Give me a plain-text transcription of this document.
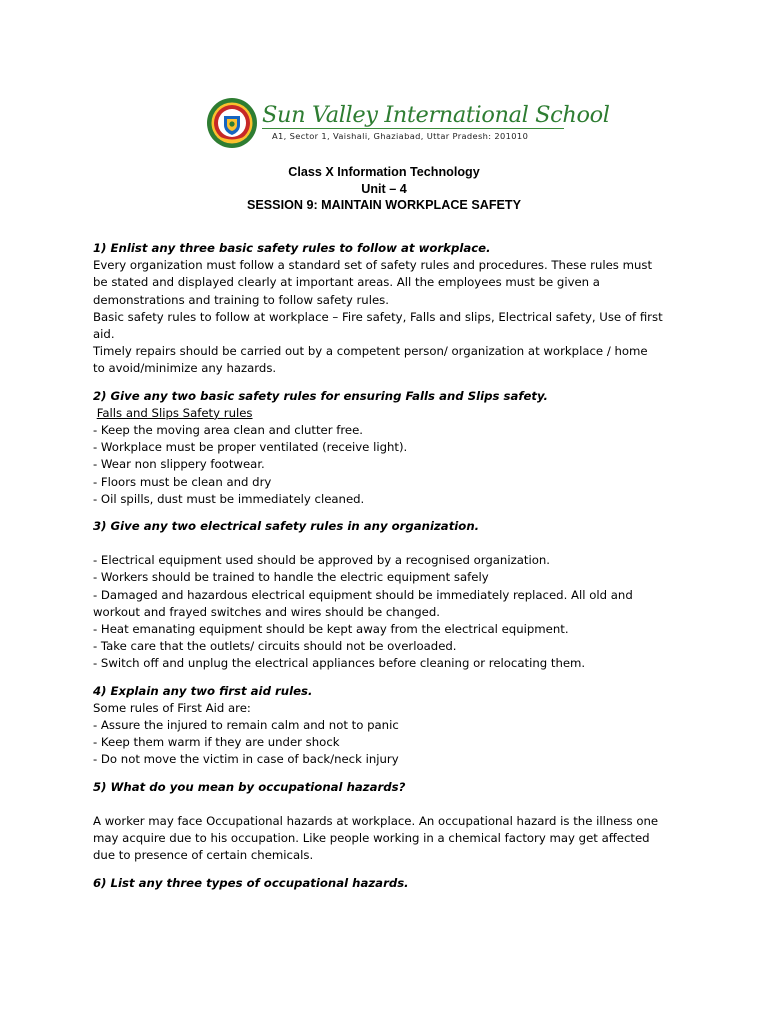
Sun Valley International School
A1, Sector 1, Vaishali, Ghaziabad, Uttar Pradesh: 201010
Class X Information Technology
Unit – 4
SESSION 9: MAINTAIN WORKPLACE SAFETY

1) Enlist any three basic safety rules to follow at workplace.

Every organization must follow a standard set of safety rules and procedures. These rules must

be stated and displayed clearly at important areas. All the employees must be given a

demonstrations and training to follow safety rules.

Basic safety rules to follow at workplace – Fire safety, Falls and slips, Electrical safety, Use of first

aid.

Timely repairs should be carried out by a competent person/ organization at workplace / home

to avoid/minimize any hazards.

2) Give any two basic safety rules for ensuring Falls and Slips safety.

Falls and Slips Safety rules

- Keep the moving area clean and clutter free.

- Workplace must be proper ventilated (receive light).

- Wear non slippery footwear.

- Floors must be clean and dry

- Oil spills, dust must be immediately cleaned.

3) Give any two electrical safety rules in any organization.

- Electrical equipment used should be approved by a recognised organization.

- Workers should be trained to handle the electric equipment safely

- Damaged and hazardous electrical equipment should be immediately replaced. All old and

workout and frayed switches and wires should be changed.

- Heat emanating equipment should be kept away from the electrical equipment.

- Take care that the outlets/ circuits should not be overloaded.

- Switch off and unplug the electrical appliances before cleaning or relocating them.

4) Explain any two first aid rules.

Some rules of First Aid are:

- Assure the injured to remain calm and not to panic

- Keep them warm if they are under shock

- Do not move the victim in case of back/neck injury

5) What do you mean by occupational hazards?

A worker may face Occupational hazards at workplace. An occupational hazard is the illness one

may acquire due to his occupation. Like people working in a chemical factory may get affected

due to presence of certain chemicals.

6) List any three types of occupational hazards.
